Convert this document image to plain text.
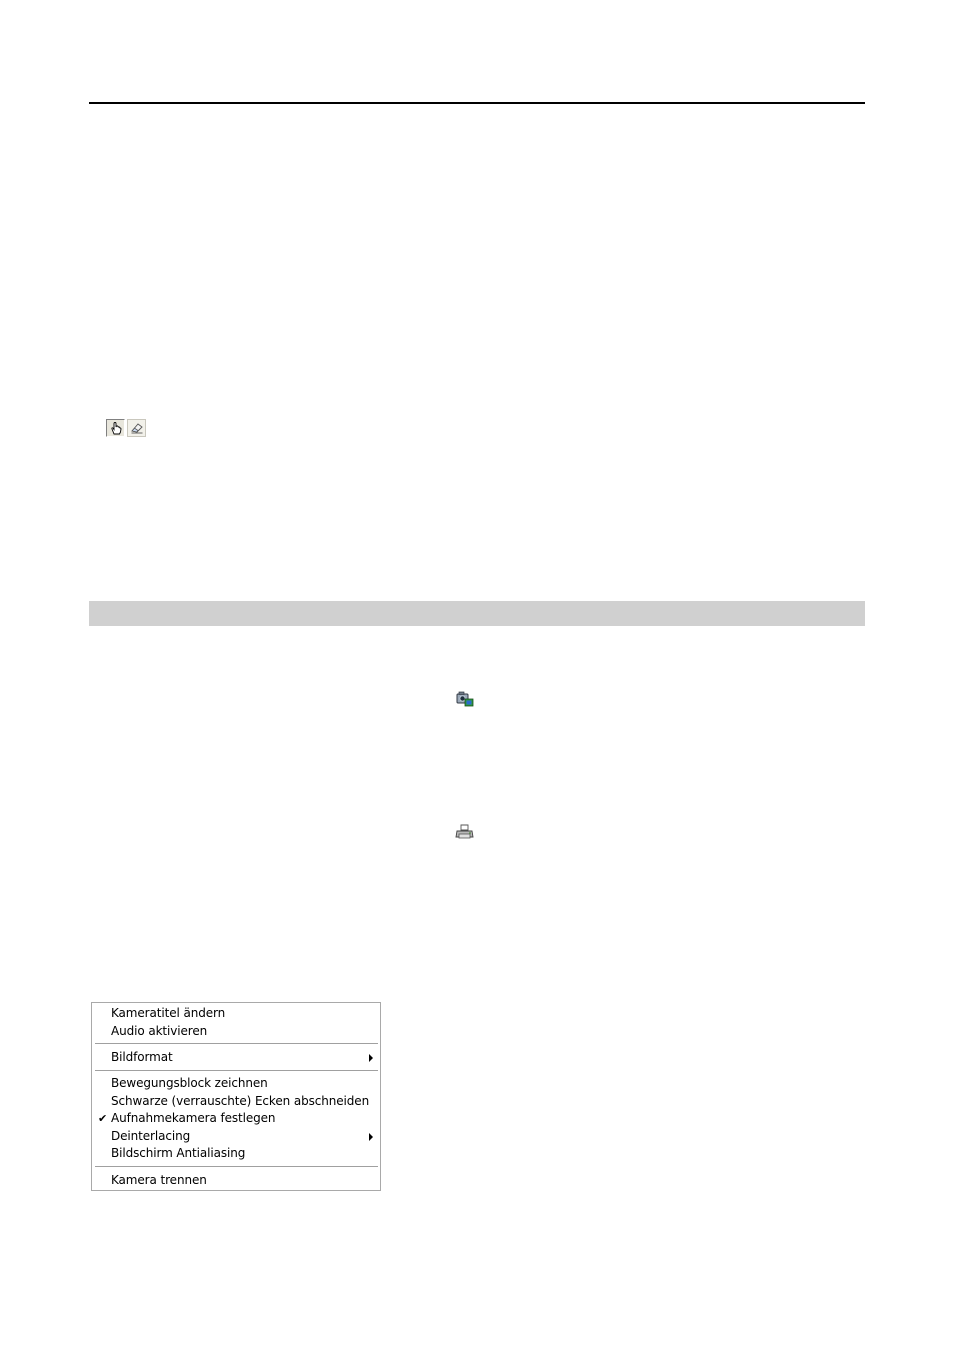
Kameratitel ändern
Audio aktivieren
Bildformat
Bewegungsblock zeichnen
Schwarze (verrauschte) Ecken abschneiden
✔ Aufnahmekamera festlegen
Deinterlacing
Bildschirm Antialiasing
Kamera trennen
